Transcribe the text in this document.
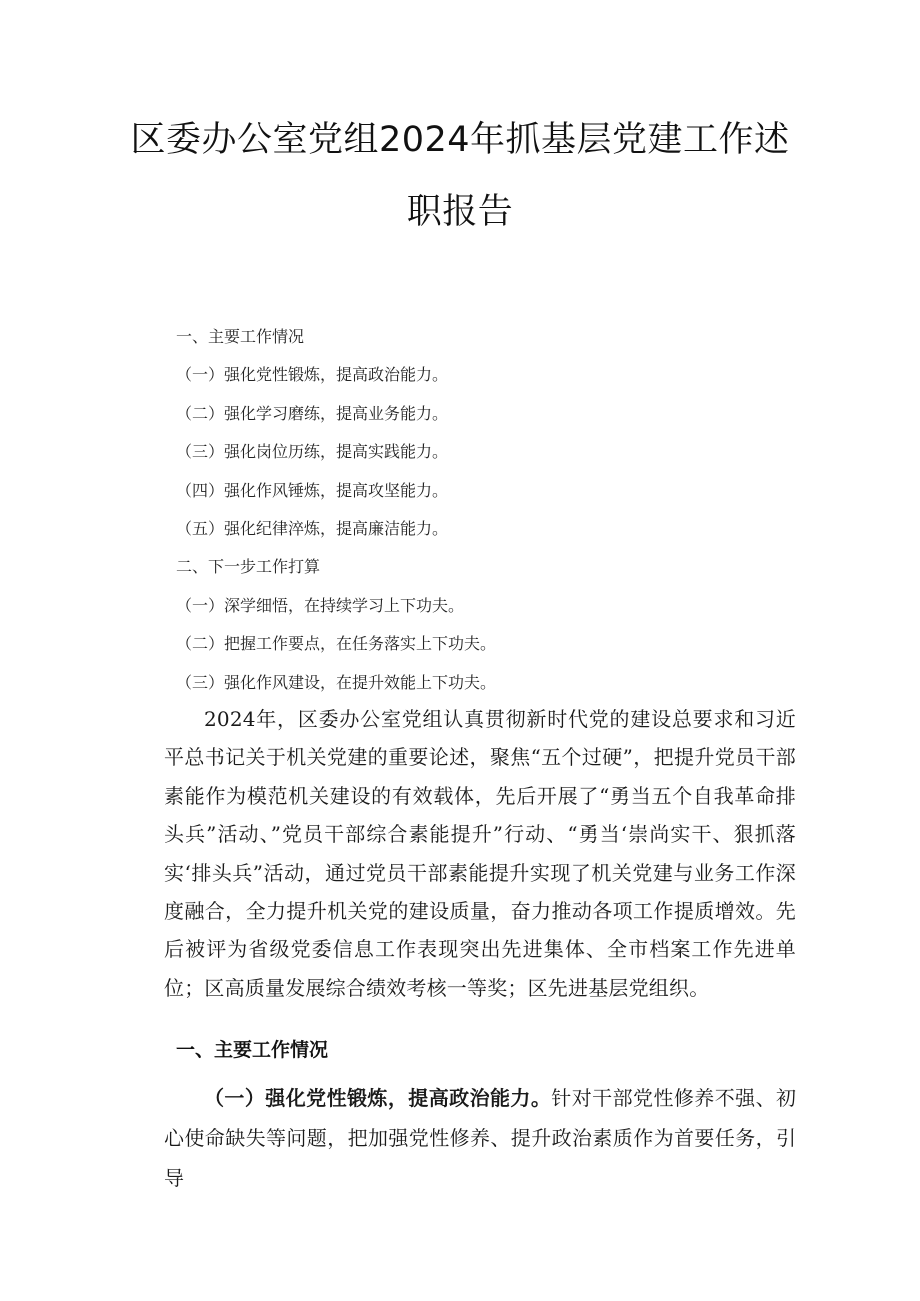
区委办公室党组2024年抓基层党建工作述
职报告
一、主要工作情况
（一）强化党性锻炼，提高政治能力。
（二）强化学习磨练，提高业务能力。
（三）强化岗位历练，提高实践能力。
（四）强化作风锤炼，提高攻坚能力。
（五）强化纪律淬炼，提高廉洁能力。
二、下一步工作打算
（一）深学细悟，在持续学习上下功夫。
（二）把握工作要点，在任务落实上下功夫。
（三）强化作风建设，在提升效能上下功夫。
2024年，区委办公室党组认真贯彻新时代党的建设总要求和习近平总书记关于机关党建的重要论述，聚焦“五个过硬”，把提升党员干部素能作为模范机关建设的有效载体，先后开展了“勇当五个自我革命排头兵”活动、”党员干部综合素能提升”行动、“勇当‘崇尚实干、狠抓落实‘排头兵”活动，通过党员干部素能提升实现了机关党建与业务工作深度融合，全力提升机关党的建设质量，奋力推动各项工作提质增效。先后被评为省级党委信息工作表现突出先进集体、全市档案工作先进单位；区高质量发展综合绩效考核一等奖；区先进基层党组织。
一、主要工作情况
（一）强化党性锻炼，提高政治能力。针对干部党性修养不强、初心使命缺失等问题，把加强党性修养、提升政治素质作为首要任务，引导
